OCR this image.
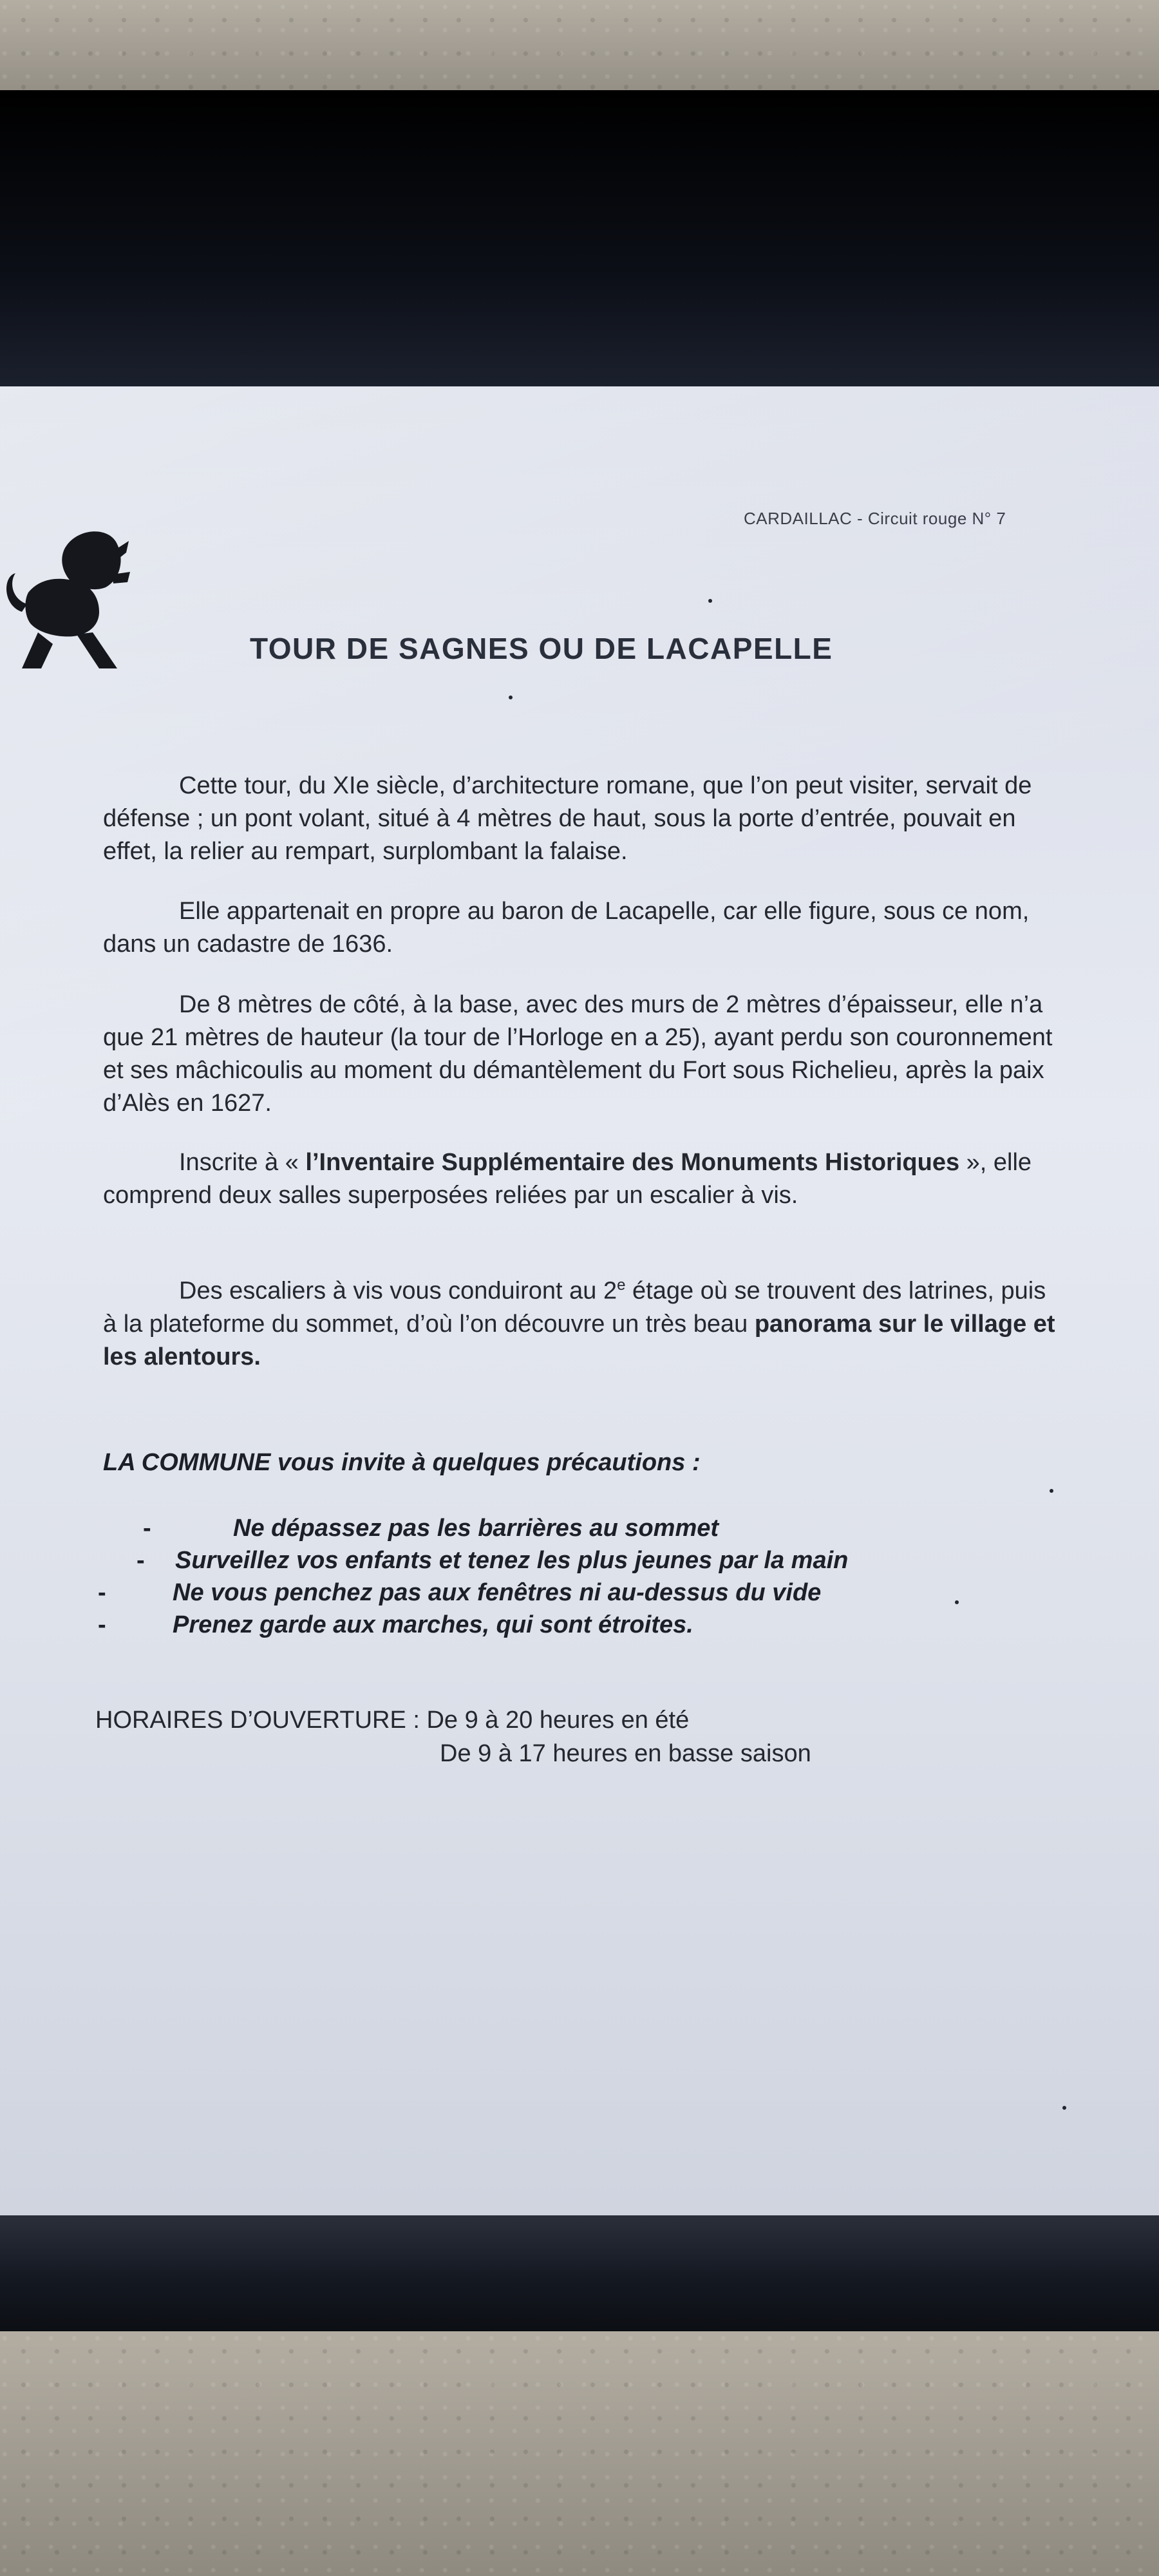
CARDAILLAC - Circuit rouge N° 7
TOUR DE SAGNES OU DE LACAPELLE
Cette tour, du XIe siècle, d’architecture romane, que l’on peut visiter, servait de défense ; un pont volant, situé à 4 mètres de haut, sous la porte d’entrée, pouvait en effet, la relier au rempart, surplombant la falaise.
Elle appartenait en propre au baron de Lacapelle, car elle figure, sous ce nom, dans un cadastre de 1636.
De 8 mètres de côté, à la base, avec des murs de 2 mètres d’épaisseur, elle n’a que 21 mètres de hauteur (la tour de l’Horloge en a 25), ayant perdu son couronnement et ses mâchicoulis au moment du démantèlement du Fort sous Richelieu, après la paix d’Alès en 1627.
Inscrite à « l’Inventaire Supplémentaire des Monuments Historiques », elle comprend deux salles superposées reliées par un escalier à vis.
Des escaliers à vis vous conduiront au 2e étage où se trouvent des latrines, puis à la plateforme du sommet, d’où l’on découvre un très beau panorama sur le village et les alentours.
LA COMMUNE vous invite à quelques précautions :
-	Ne dépassez pas les barrières au sommet
- Surveillez vos enfants et tenez les plus jeunes par la main
-	Ne vous penchez pas aux fenêtres ni au-dessus du vide
-	Prenez garde aux marches, qui sont étroites.
HORAIRES D’OUVERTURE : De 9 à 20 heures en été
De 9 à 17 heures en basse saison
